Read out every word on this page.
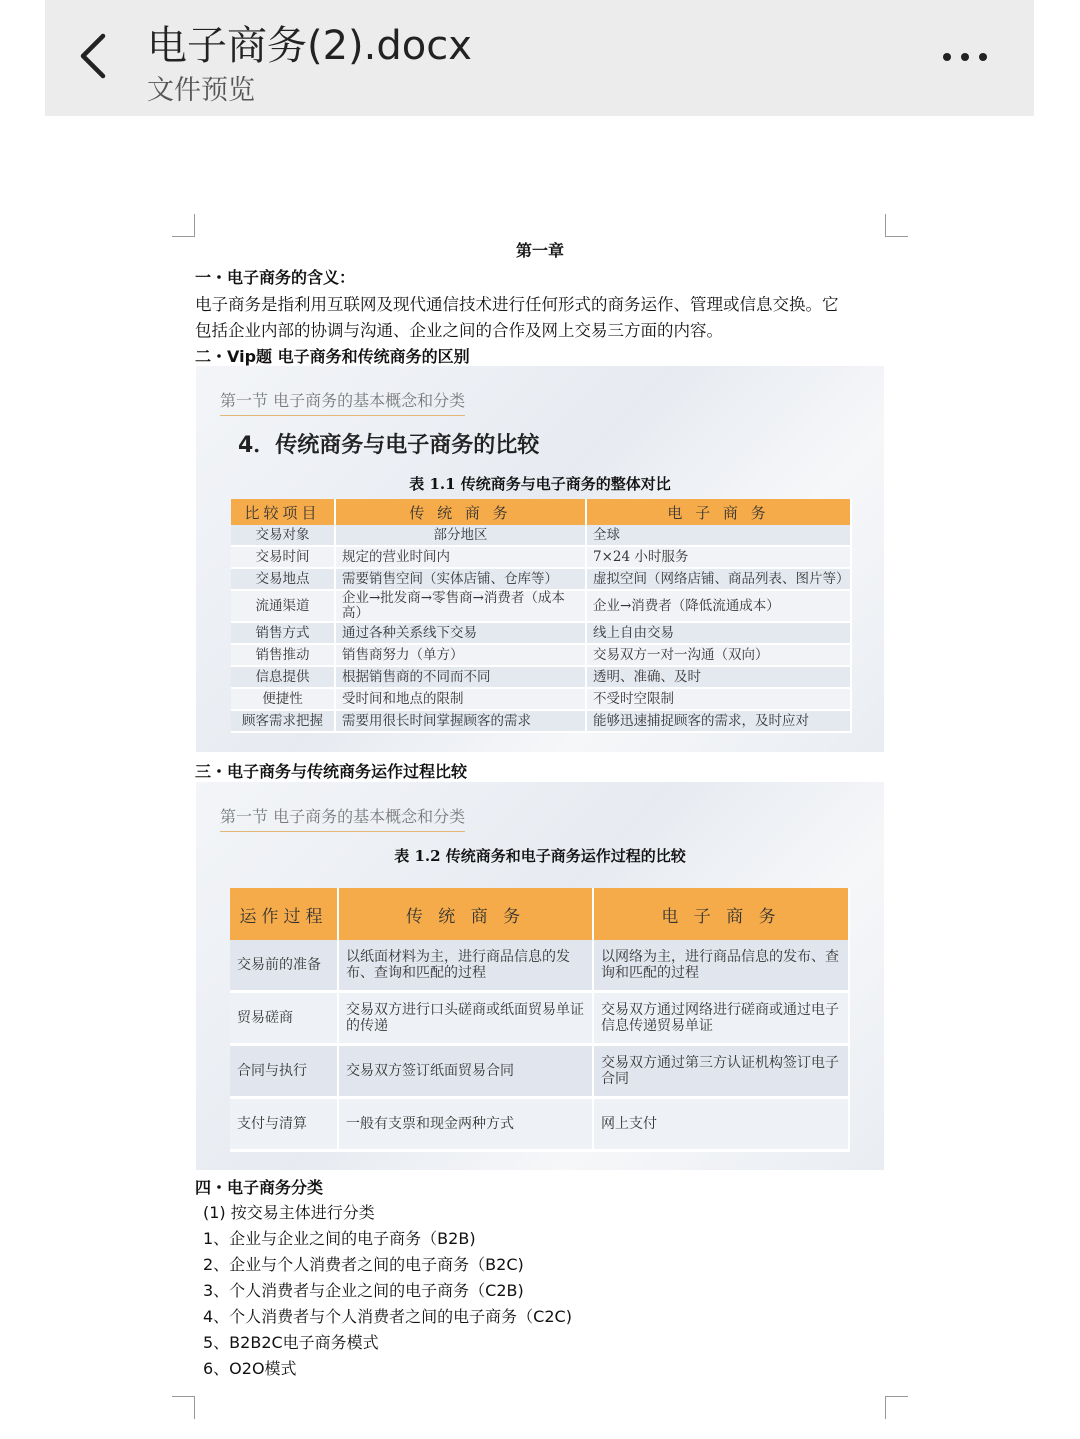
电子商务(2).docx
文件预览
第一章
一・电子商务的含义：
电子商务是指利用互联网及现代通信技术进行任何形式的商务运作、管理或信息交换。它
包括企业内部的协调与沟通、企业之间的合作及网上交易三方面的内容。
二・Vip题 电子商务和传统商务的区别
第一节 电子商务的基本概念和分类
4．传统商务与电子商务的比较
表 1.1 传统商务与电子商务的整体对比
比较项目	传 统 商 务	电 子 商 务
交易对象	部分地区	全球
交易时间	规定的营业时间内	7×24 小时服务
交易地点	需要销售空间（实体店铺、仓库等）	虚拟空间（网络店铺、商品列表、图片等）
流通渠道	企业→批发商→零售商→消费者（成本高）	企业→消费者（降低流通成本）
销售方式	通过各种关系线下交易	线上自由交易
销售推动	销售商努力（单方）	交易双方一对一沟通（双向）
信息提供	根据销售商的不同而不同	透明、准确、及时
便捷性	受时间和地点的限制	不受时空限制
顾客需求把握	需要用很长时间掌握顾客的需求	能够迅速捕捉顾客的需求，及时应对
三・电子商务与传统商务运作过程比较
第一节 电子商务的基本概念和分类
表 1.2 传统商务和电子商务运作过程的比较
运作过程	传 统 商 务	电 子 商 务
交易前的准备	以纸面材料为主，进行商品信息的发布、查询和匹配的过程	以网络为主，进行商品信息的发布、查询和匹配的过程
贸易磋商	交易双方进行口头磋商或纸面贸易单证的传递	交易双方通过网络进行磋商或通过电子信息传递贸易单证
合同与执行	交易双方签订纸面贸易合同	交易双方通过第三方认证机构签订电子合同
支付与清算	一般有支票和现金两种方式	网上支付
四・电子商务分类
(1) 按交易主体进行分类
1、企业与企业之间的电子商务（B2B)
2、企业与个人消费者之间的电子商务（B2C)
3、个人消费者与企业之间的电子商务（C2B)
4、个人消费者与个人消费者之间的电子商务（C2C)
5、B2B2C电子商务模式
6、O2O模式
